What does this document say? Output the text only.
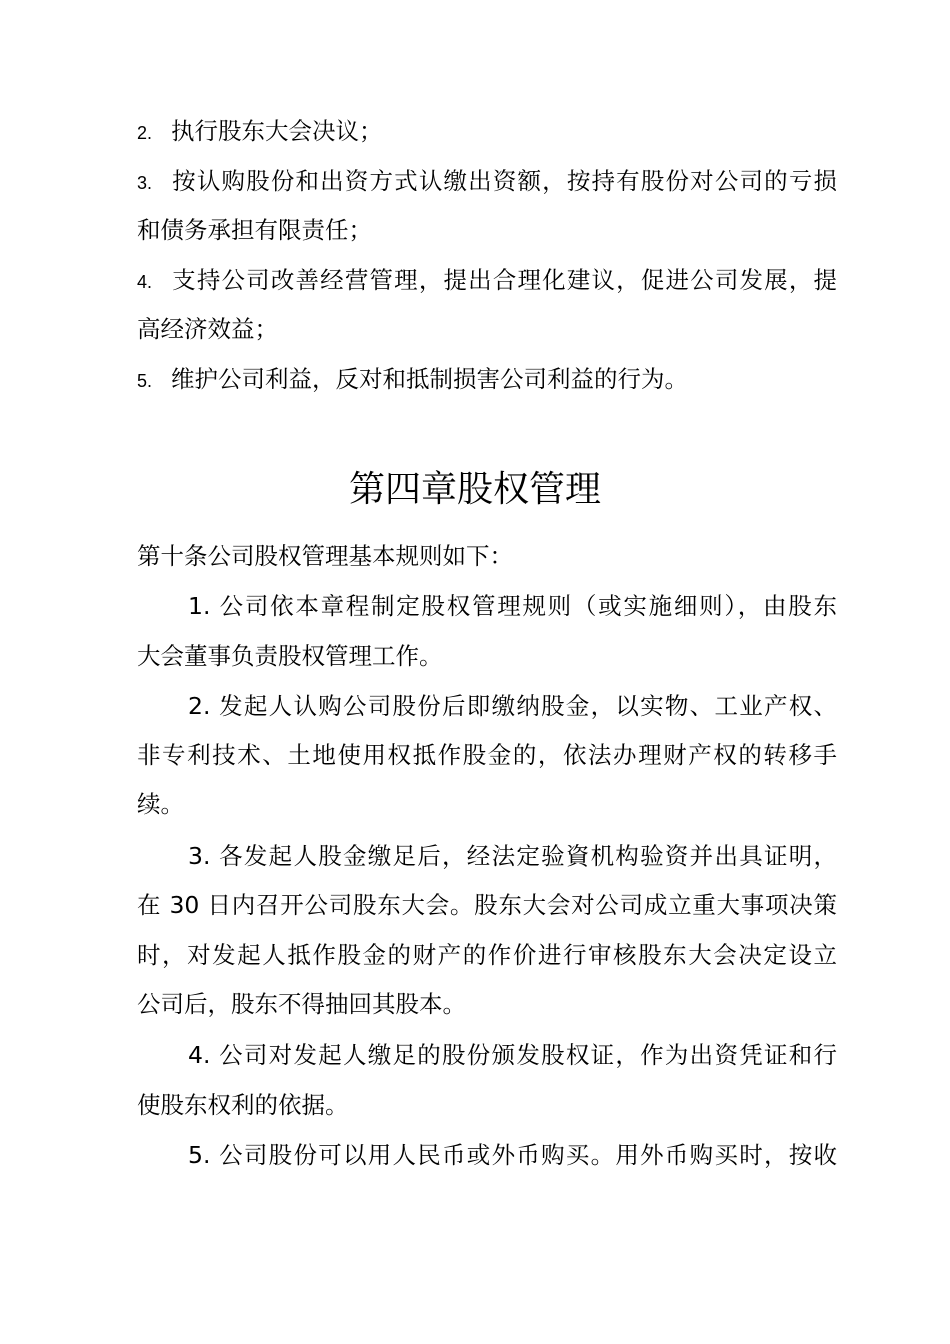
2. 执行股东大会决议；
3. 按认购股份和出资方式认缴出资额，按持有股份对公司的亏损
和债务承担有限责任；
4. 支持公司改善经营管理，提出合理化建议，促进公司发展，提
高经济效益；
5. 维护公司利益，反对和抵制损害公司利益的行为。
第四章股权管理
第十条公司股权管理基本规则如下：
1. 公司依本章程制定股权管理规则（或实施细则），由股东
大会董事负责股权管理工作。
2. 发起人认购公司股份后即缴纳股金，以实物、工业产权、
非专利技术、土地使用权抵作股金的，依法办理财产权的转移手
续。
3. 各发起人股金缴足后，经法定验資机构验资并出具证明，
在 30 日内召开公司股东大会。股东大会对公司成立重大事项决策
时，对发起人抵作股金的财产的作价进行审核股东大会决定设立
公司后，股东不得抽回其股本。
4. 公司对发起人缴足的股份颁发股权证，作为出资凭证和行
使股东权利的依据。
5. 公司股份可以用人民币或外币购买。用外币购买时，按收
